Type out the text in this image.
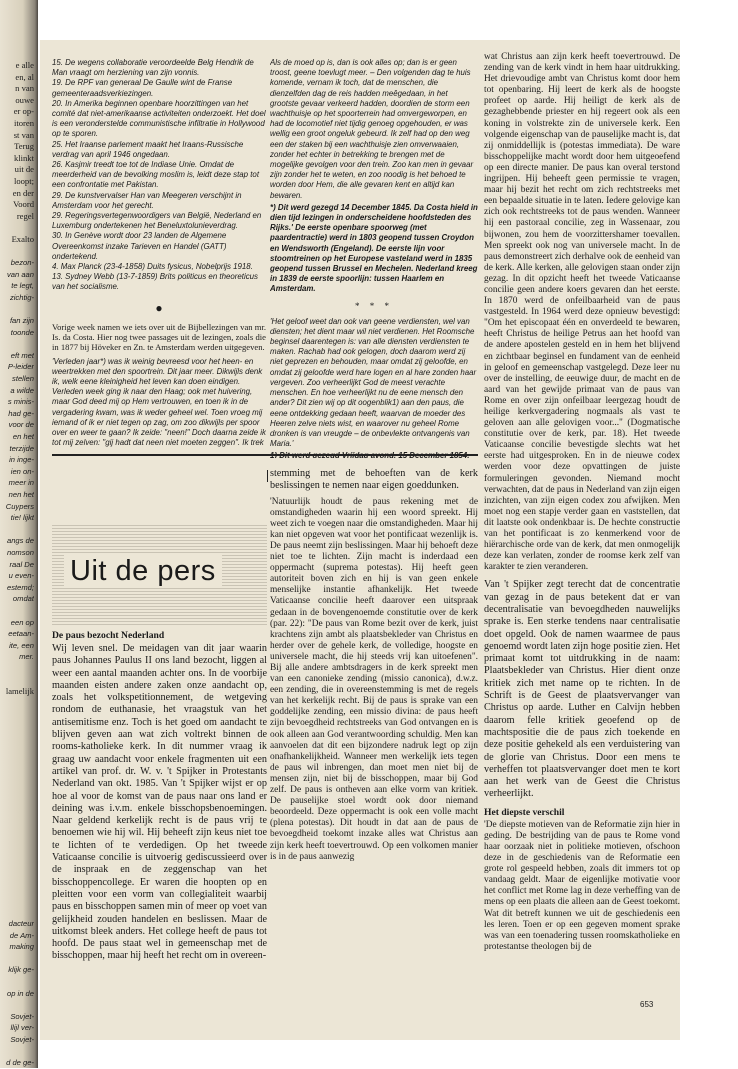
e alle
en, al
n van
ouwe
er op-
itoren
st van
Terug
klinkt
uit de
loopt;
en der
Voord
regel

Exalto

bezon-
van aan
te legt,
zichtig-

fan zijn
toonde

eft met
P-leider
stellen
a wilde
s minis-
had ge-
voor de
en het
terzijde
in inge-
ien on-
meer in
nen het
Cuypers
tie! lijkt

angs de
nomson
raal De
u even-
estemd;
omdat

een op
eetaan-
ite, een
mer.

lamelijk

dacteur
de Am-
making

klijk ge-

op in de

Sovjet-
llijl ver-
Sovjet-

d de ge-

15. De wegens collaboratie veroordeelde Belg Hendrik de Man vraagt om herziening van zijn vonnis.

19. De RPF van generaal De Gaulle wint de Franse gemeenteraadsverkiezingen.

20. In Amerika beginnen openbare hoorzittingen van het comité dat niet-amerikaanse activiteiten onderzoekt. Het doel is een veronderstelde communistische infiltratie in Hollywood op te sporen.

25. Het Iraanse parlement maakt het Iraans-Russische verdrag van april 1946 ongedaan.

26. Kasjmir treedt toe tot de Indiase Unie. Omdat de meerderheid van de bevolking moslim is, leidt deze stap tot een confrontatie met Pakistan.

29. De kunstvervalser Han van Meegeren verschijnt in Amsterdam voor het gerecht.

29. Regeringsvertegenwoordigers van België, Nederland en Luxemburg ondertekenen het Beneluxtolunieverdrag.

30. In Genève wordt door 23 landen de Algemene Overeenkomst inzake Tarieven en Handel (GATT) ondertekend.

4. Max Planck (23-4-1858) Duits fysicus, Nobelprijs 1918.

13. Sydney Webb (13-7-1859) Brits politicus en theoreticus van het socialisme.

●

Vorige week namen we iets over uit de Bijbellezingen van mr. Is. da Costa. Hier nog twee passages uit de lezingen, zoals die in 1877 bij Höveker en Zn. te Amsterdam werden uitgegeven.

'Verleden jaar*) was ik weinig bevreesd voor het heen- en weertrekken met den spoortrein. Dit jaar meer. Dikwijls denk ik, welk eene kleinigheid het leven kan doen eindigen. Verleden week ging ik naar den Haag; ook met huivering, maar God deed mij op Hem vertrouwen, en toen ik in de vergadering kwam, was ik weder geheel wel. Toen vroeg mij iemand of ik er niet tegen op zag, om zoo dikwijls per spoor over en weer te gaan? Ik zeide: "neen!" Doch daarna zeide ik tot mij zelven: "gij hadt dat neen niet moeten zeggen". Ik trek

Als de moed op is, dan is ook alles op; dan is er geen troost, geene toevlugt meer. – Den volgenden dag te huis komende, vernam ik toch, dat de menschen, die dienzelfden dag de reis hadden meêgedaan, in het grootste gevaar verkeerd hadden, doordien de storm een wachthuisje op het spoorterrein had omvergeworpen, en had de locomotief niet tijdig genoeg opgehouden, er was wellig een groot ongeluk gebeurd. Ik zelf had op den weg een der staken bij een wachthuisje zien omverwaaien, zonder het echter in betrekking te brengen met de mogelijke gevolgen voor den trein. Zoo kan men in gevaar zijn zonder het te weten, en zoo noodig is het behoed te worden door Hem, die alle gevaren kent en altijd kan bewaren.

*) Dit werd gezegd 14 December 1845. Da Costa hield in dien tijd lezingen in onderscheidene hoofdsteden des Rijks.' De eerste openbare spoorweg (met paardentractie) werd in 1803 geopend tussen Croydon en Wendsworth (Engeland). De eerste lijn voor stoomtreinen op het Europese vasteland werd in 1835 geopend tussen Brussel en Mechelen. Nederland kreeg in 1839 de eerste spoorlijn: tussen Haarlem en Amsterdam.

* * *

'Het geloof weet dan ook van geene verdiensten, wel van diensten; het dient maar wil niet verdienen. Het Roomsche beginsel daarentegen is: van alle diensten verdiensten te maken. Rachab had ook gelogen, doch daarom werd zij niet geprezen en behouden, maar omdat zij geloofde, en omdat zij geloofde werd hare logen en al hare zonden haar vergeven. Zoo verheerlijkt God de meest verachte menschen. En hoe verheerlijkt nu de eene mensch den ander? Dit zien wij op dit oogenblik1) aan den paus, die eene ontdekking gedaan heeft, waarvan de moeder des Heeren zelve niets wist, en waarover nu geheel Rome dronken is van vreugde – de onbevlekte ontvangenis van Maria.'

Uit de pers
De paus bezocht Nederland

Wij leven snel. De meidagen van dit jaar waarin paus Johannes Paulus II ons land bezocht, liggen al weer een aantal maanden achter ons. In de voorbije maanden eisten andere zaken onze aandacht op, zoals het volkspetitionnement, de wetgeving rondom de euthanasie, het vraagstuk van het antisemitisme enz. Toch is het goed om aandacht te blijven geven aan wat zich voltrekt binnen de rooms-katholieke kerk. In dit nummer vraag ik graag uw aandacht voor enkele fragmenten uit een artikel van prof. dr. W. v. 't Spijker in Protestants Nederland van okt. 1985. Van 't Spijker wijst er op hoe al voor de komst van de paus naar ons land er deining was i.v.m. enkele bisschopsbenoemingen. Naar geldend kerkelijk recht is de paus vrij te benoemen wie hij wil. Hij beheeft zijn keus niet toe te lichten of te verdedigen. Op het tweede Vaticaanse concilie is uitvoerig gediscussieerd over de inspraak en de zeggenschap van het bisschoppencollege. Er waren die hoopten op en pleitten voor een vorm van collegialiteit waarbij paus en bisschoppen samen min of meer op voet van gelijkheid zouden handelen en beslissen. Maar de uitkomst bleek anders. Het college heeft de paus tot hoofd. De paus staat wel in gemeenschap met de bisschoppen, maar hij heeft het recht om in overeen-

stemming met de behoeften van de kerk beslissingen te nemen naar eigen goeddunken.

'Natuurlijk houdt de paus rekening met de omstandigheden waarin hij een woord spreekt. Hij weet zich te voegen naar die omstandigheden. Maar hij kan niet opgeven wat voor het pontificaat wezenlijk is. De paus neemt zijn beslissingen. Maar hij behoeft deze niet toe te lichten. Zijn macht is inderdaad een oppermacht (suprema potestas). Hij heeft geen autoriteit boven zich en hij is van geen enkele menselijke instantie afhankelijk. Het tweede Vaticaanse concilie heeft daarover een uitspraak gedaan in de bovengenoemde constitutie over de kerk (par. 22): "De paus van Rome bezit over de kerk, juist krachtens zijn ambt als plaatsbekleder van Christus en herder over de gehele kerk, de volledige, hoogste en universele macht, die hij steeds vrij kan uitoefenen". Bij alle andere ambtsdragers in de kerk spreekt men van een canonieke zending (missio canonica), d.w.z. een zending, die in overeenstemming is met de regels van het kerkelijk recht. Bij de paus is sprake van een goddelijke zending, een missio divina: de paus heeft zijn bevoegdheid rechtstreeks van God ontvangen en is ook alleen aan God verantwoording schuldig. Men kan aanvoelen dat dit een bijzondere nadruk legt op zijn onafhankelijkheid. Wanneer men werkelijk iets tegen de paus wil inbrengen, dan moet men niet bij de mensen zijn, niet bij de bisschoppen, maar bij God zelf. De paus is ontheven aan elke vorm van kritiek. De pauselijke stoel wordt ook door niemand beoordeeld. Deze oppermacht is ook een volle macht (plena potestas). Dit houdt in dat aan de paus de bevoegdheid toekomt inzake alles wat Christus aan zijn kerk heeft toevertrouwd. Op een volkomen manier is in de paus aanwezig

wat Christus aan zijn kerk heeft toevertrouwd. De zending van de kerk vindt in hem haar uitdrukking. Het drievoudige ambt van Christus komt door hem tot openbaring. Hij leert de kerk als de hoogste profeet op aarde. Hij heiligt de kerk als de gezaghebbende priester en hij regeert ook als een koning in volstrekte zin de universele kerk. Een volgende eigenschap van de pauselijke macht is, dat zij onmiddellijk is (potestas immediata). De ware bisschoppelijke macht wordt door hem uitgeoefend op een directe manier. De paus kan overal terstond ingrijpen. Hij beheeft geen permissie te vragen, maar hij bezit het recht om zich rechtstreeks met een bepaalde situatie in te laten. Iedere gelovige kan zich ook rechtstreeks tot de paus wenden. Wanneer hij een pastoraal concilie, zeg in Wassenaar, zou bijwonen, zou hem de voorzittershamer toevallen. Men spreekt ook nog van universele macht. In de paus demonstreert zich derhalve ook de eenheid van de kerk. Alle kerken, alle gelovigen staan onder zijn gezag. In dit opzicht heeft het tweede Vaticaanse concilie geen andere koers gevaren dan het eerste. In 1870 werd de onfeilbaarheid van de paus vastgesteld. In 1964 werd deze opnieuw bevestigd: "Om het episcopaat één en onverdeeld te bewaren, heeft Christus de heilige Petrus aan het hoofd van de andere apostelen gesteld en in hem het blijvend en zichtbaar beginsel en fundament van de eenheid in geloof en gemeenschap vastgelegd. Deze leer nu over de instelling, de eeuwige duur, de macht en de aard van het gewijde primaat van de paus van Rome en over zijn onfeilbaar leergezag houdt de heilige kerkvergadering nogmaals als vast te geloven aan alle gelovigen voor..." (Dogmatische constitutie over de kerk, par. 18). Het tweede Vaticaanse concilie bevestigde slechts wat het eerste had uitgesproken. En in de nieuwe codex werden voor deze opvattingen de juiste formuleringen gevonden. Niemand mocht verwachten, dat de paus in Nederland van zijn eigen inzichten, van zijn eigen codex zou afwijken. Men moet nog een stapje verder gaan en vaststellen, dat dit laatste ook ondenkbaar is. De hechte constructie van het pontificaat is zo kenmerkend voor de hiërarchische orde van de kerk, dat men onmogelijk deze kan verlaten, zonder de roomse kerk zelf van karakter te zien veranderen.

Van 't Spijker zegt terecht dat de concentratie van gezag in de paus betekent dat er van decentralisatie van bevoegdheden nauwelijks sprake is. Een sterke tendens naar centralisatie doet opgeld. Ook de namen waarmee de paus genoemd wordt laten zijn hoge positie zien. Het primaat komt tot uitdrukking in de naam: Plaatsbekleder van Christus. Hier dient onze kritiek zich met name op te richten. In de Schrift is de Geest de plaatsvervanger van Christus op aarde. Luther en Calvijn hebben daarom felle kritiek geoefend op de machtspositie die de paus zich toekende en deze positie gehekeld als een verduistering van de glorie van Christus. Door een mens te verheffen tot plaatsvervanger doet men te kort aan het werk van de Geest die Christus verheerlijkt.

Het diepste verschil

'De diepste motieven van de Reformatie zijn hier in geding. De bestrijding van de paus te Rome vond haar oorzaak niet in politieke motieven, ofschoon deze in de geschiedenis van de Reformatie een grote rol gespeeld hebben, zoals dit immers tot op vandaag geldt. Maar de eigenlijke motivatie voor het conflict met Rome lag in deze verheffing van de mens op een plaats die alleen aan de Geest toekomt. Wat dit betreft kunnen we uit de geschiedenis een les leren. Toen er op een gegeven moment sprake was van een toenadering tussen roomskatholieke en protestantse theologen bij de

653
